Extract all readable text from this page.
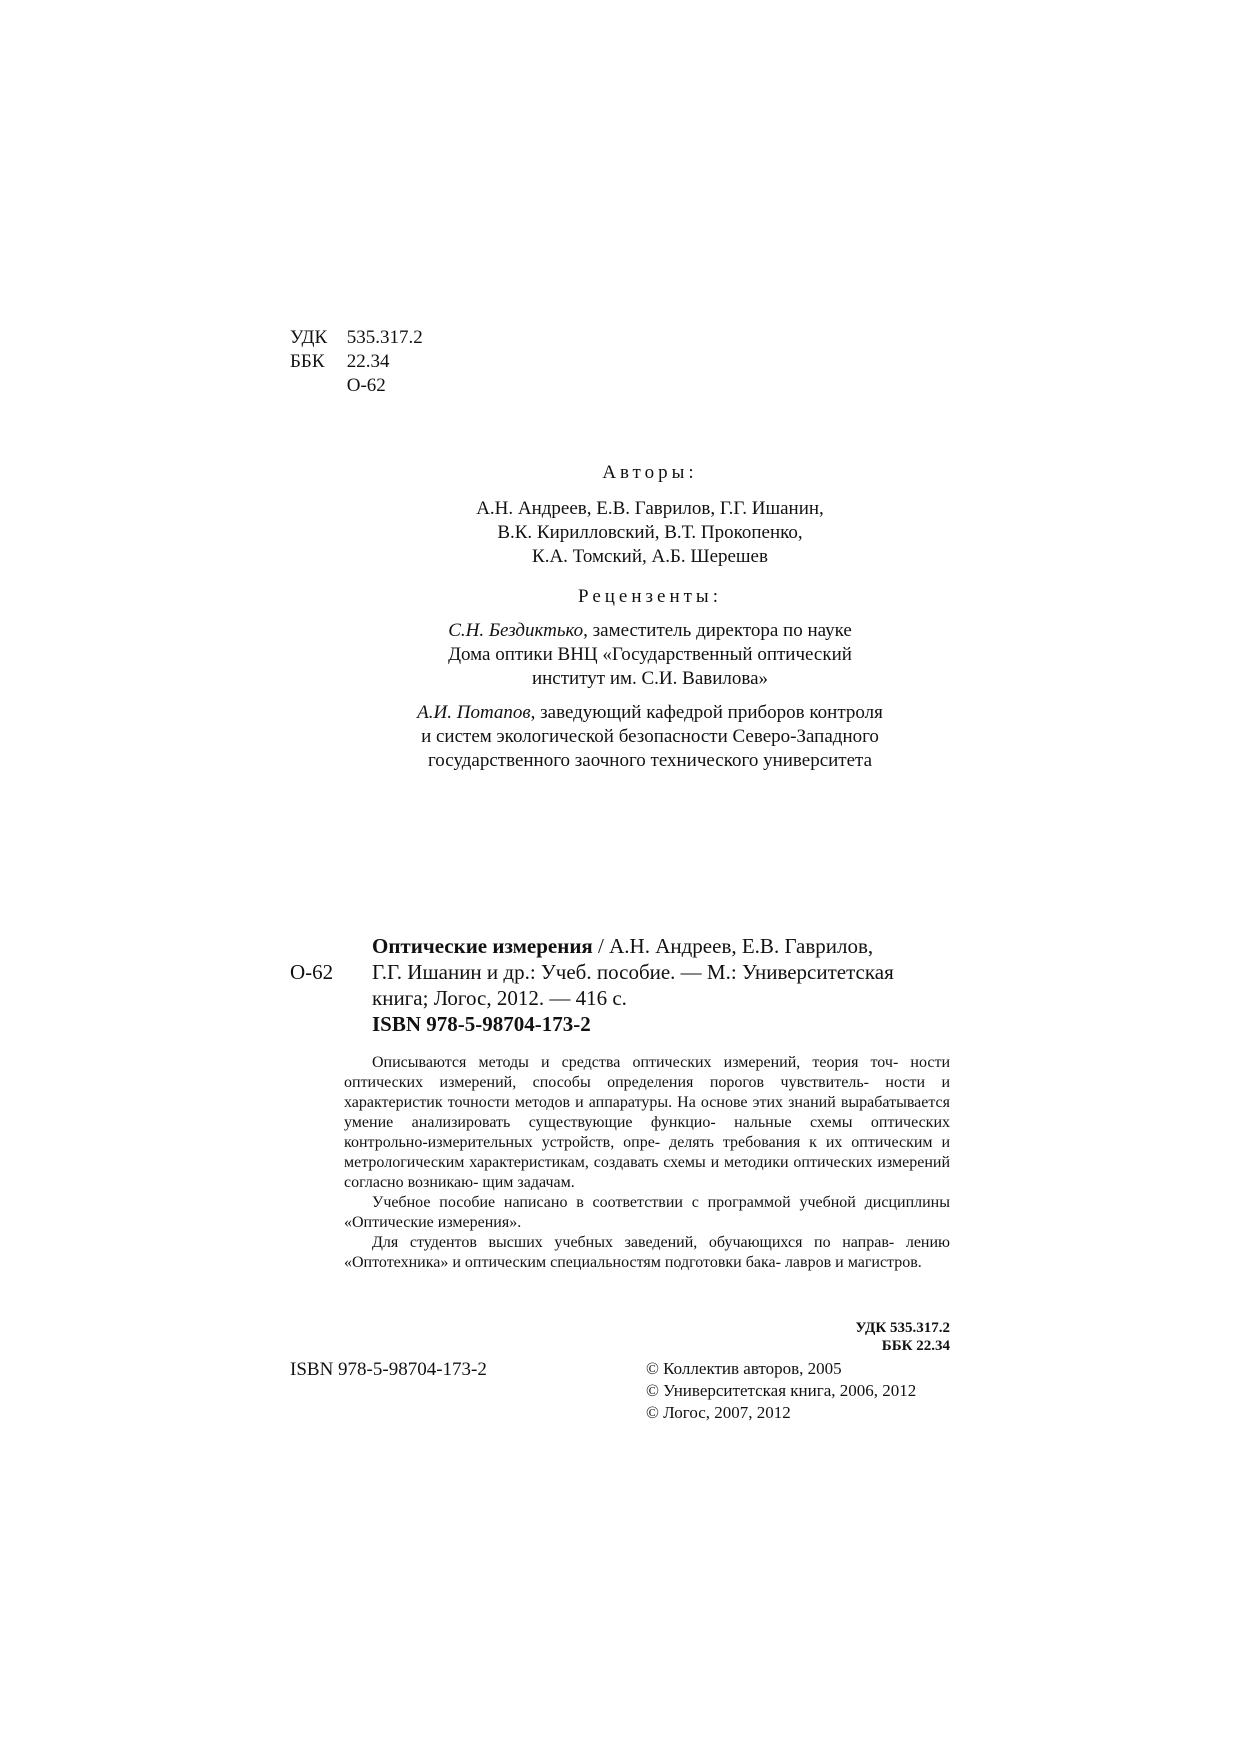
УДК 535.317.2
ББК 22.34
О-62
Авторы:

А.Н. Андреев, Е.В. Гаврилов, Г.Г. Ишанин,

В.К. Кирилловский, В.Т. Прокопенко,

К.А. Томский, А.Б. Шерешев

Рецензенты:

С.Н. Бездиктько, заместитель директора по науке

Дома оптики ВНЦ «Государственный оптический

институт им. С.И. Вавилова»

А.И. Потапов, заведующий кафедрой приборов контроля

и систем экологической безопасности Северо-Западного

государственного заочного технического университета

О-62
Оптические измерения / А.Н. Андреев, Е.В. Гаврилов,
Г.Г. Ишанин и др.: Учеб. пособие. — М.: Университетская
книга; Логос, 2012. — 416 с.
ISBN 978-5-98704-173-2

Описываются методы и средства оптических измерений, теория точ- ности оптических измерений, способы определения порогов чувствитель- ности и характеристик точности методов и аппаратуры. На основе этих знаний вырабатывается умение анализировать существующие функцио- нальные схемы оптических контрольно-измерительных устройств, опре- делять требования к их оптическим и метрологическим характеристикам, создавать схемы и методики оптических измерений согласно возникаю- щим задачам.

Учебное пособие написано в соответствии с программой учебной дисциплины «Оптические измерения».

Для студентов высших учебных заведений, обучающихся по направ- лению «Оптотехника» и оптическим специальностям подготовки бака- лавров и магистров.

УДК 535.317.2
ББК 22.34
ISBN 978-5-98704-173-2	© Коллектив авторов, 2005
© Университетская книга, 2006, 2012
© Логос, 2007, 2012
